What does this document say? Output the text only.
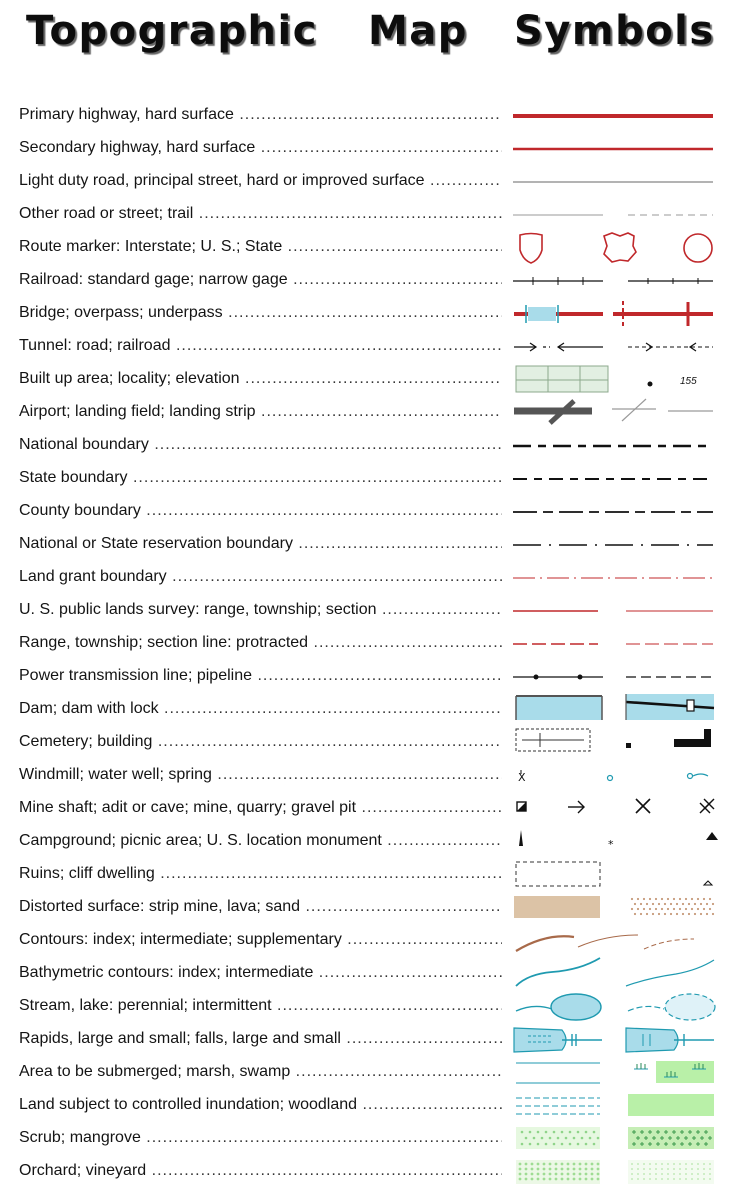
Topographic Map Symbols
Primary highway, hard surface .....
Secondary highway, hard surface .....
Light duty road, principal street, hard or improved surface .....
Other road or street; trail .....
Route marker: Interstate; U. S.; State .....
Railroad: standard gage; narrow gage .....
Bridge; overpass; underpass .....
Tunnel: road; railroad .....
Built up area; locality; elevation .....	155
Airport; landing field; landing strip .....
National boundary .....
State boundary .....
County boundary .....
National or State reservation boundary .....
Land grant boundary .....
U. S. public lands survey: range, township; section .....
Range, township; section line: protracted .....
Power transmission line; pipeline .....
Dam; dam with lock .....
Cemetery; building .....
Windmill; water well; spring .....	X
Mine shaft; adit or cave; mine, quarry; gravel pit .....
Campground; picnic area; U. S. location monument .....	*
Ruins; cliff dwelling .....
Distorted surface: strip mine, lava; sand .....
Contours: index; intermediate; supplementary .....
Bathymetric contours: index; intermediate .....
Stream, lake: perennial; intermittent .....
Rapids, large and small; falls, large and small .....
Area to be submerged; marsh, swamp .....
Land subject to controlled inundation; woodland .....
Scrub; mangrove .....
Orchard; vineyard .....
